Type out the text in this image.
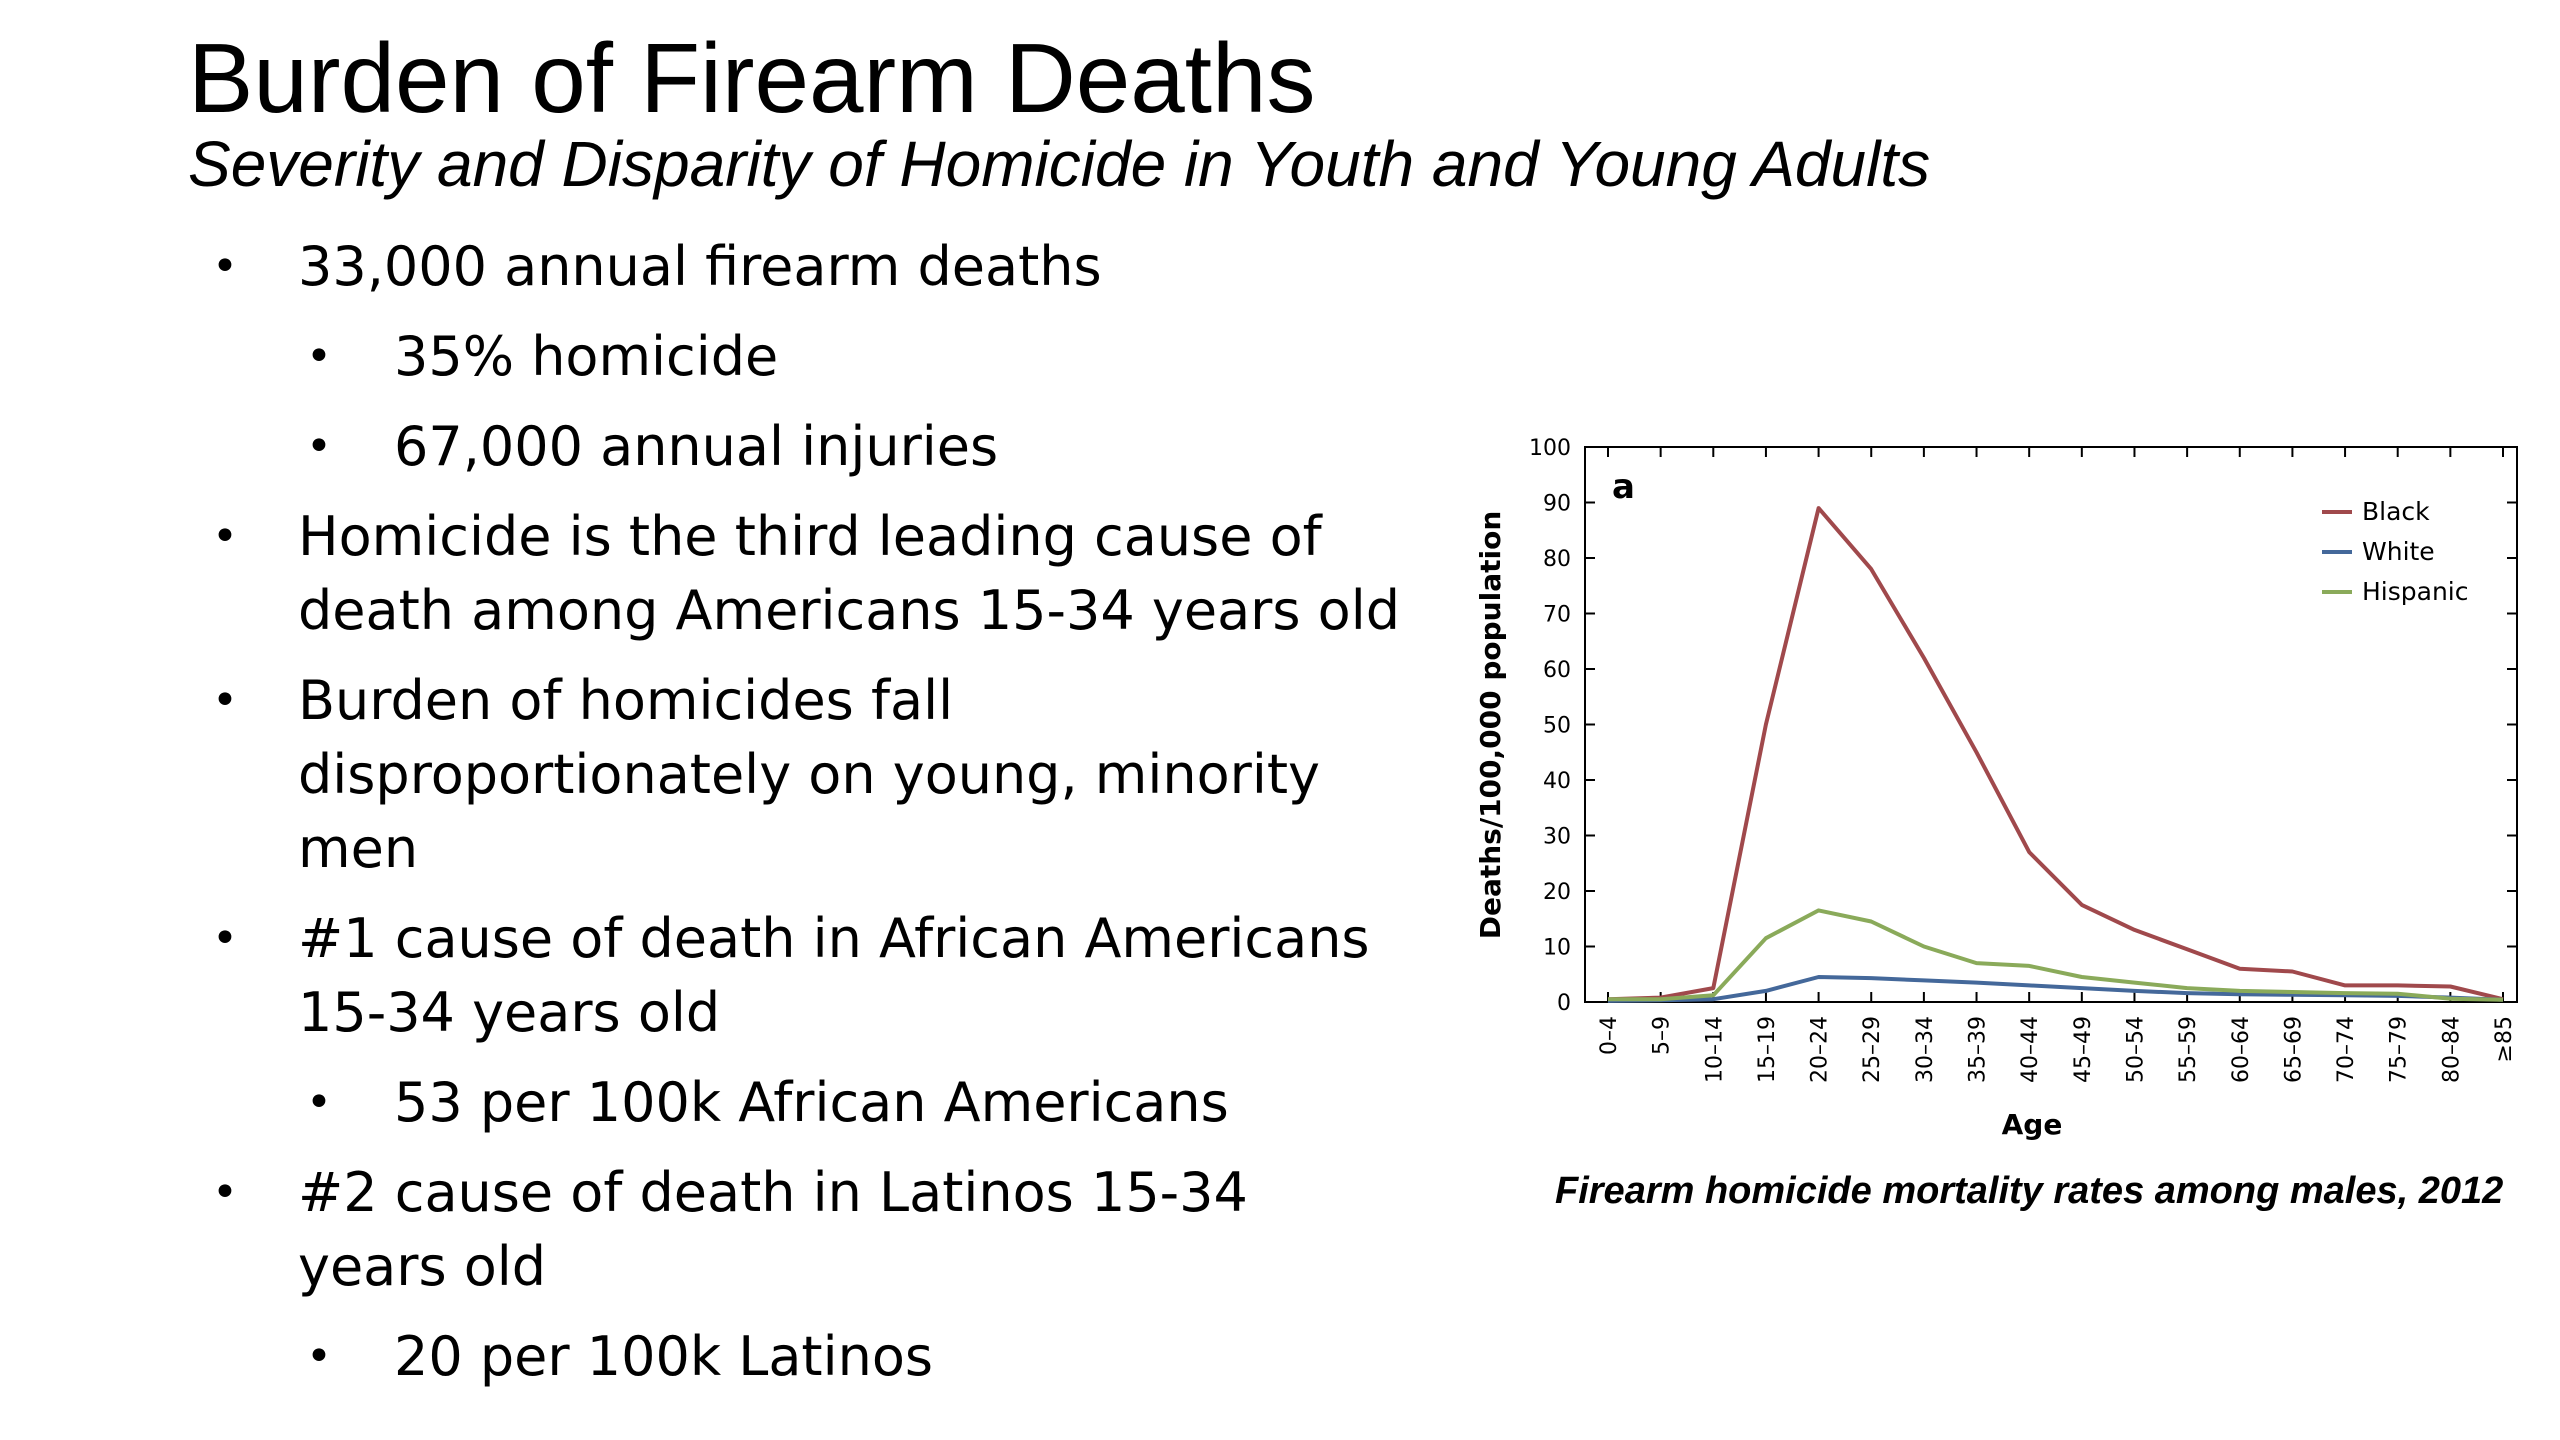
Burden of Firearm Deaths
Severity and Disparity of Homicide in Youth and Young Adults
• 33,000 annual firearm deaths
• 35% homicide
• 67,000 annual injuries
• Homicide is the third leading cause of death among Americans 15-34 years old
• Burden of homicides fall disproportionately on young, minority men
• #1 cause of death in African Americans 15-34 years old
• 53 per 100k African Americans
• #2 cause of death in Latinos 15-34 years old
• 20 per 100k Latinos
0
10
20
30
40
50
60
70
80
90
100
0–4 5–9 10–14 15–19 20–24 25–29 30–34 35–39 40–44 45–49 50–54 55–59 60–64 65–69 70–74 75–79 80–84 ≥85
Age
Deaths/100,000 population
a
Black
White
Hispanic

Firearm homicide mortality rates among males, 2012
